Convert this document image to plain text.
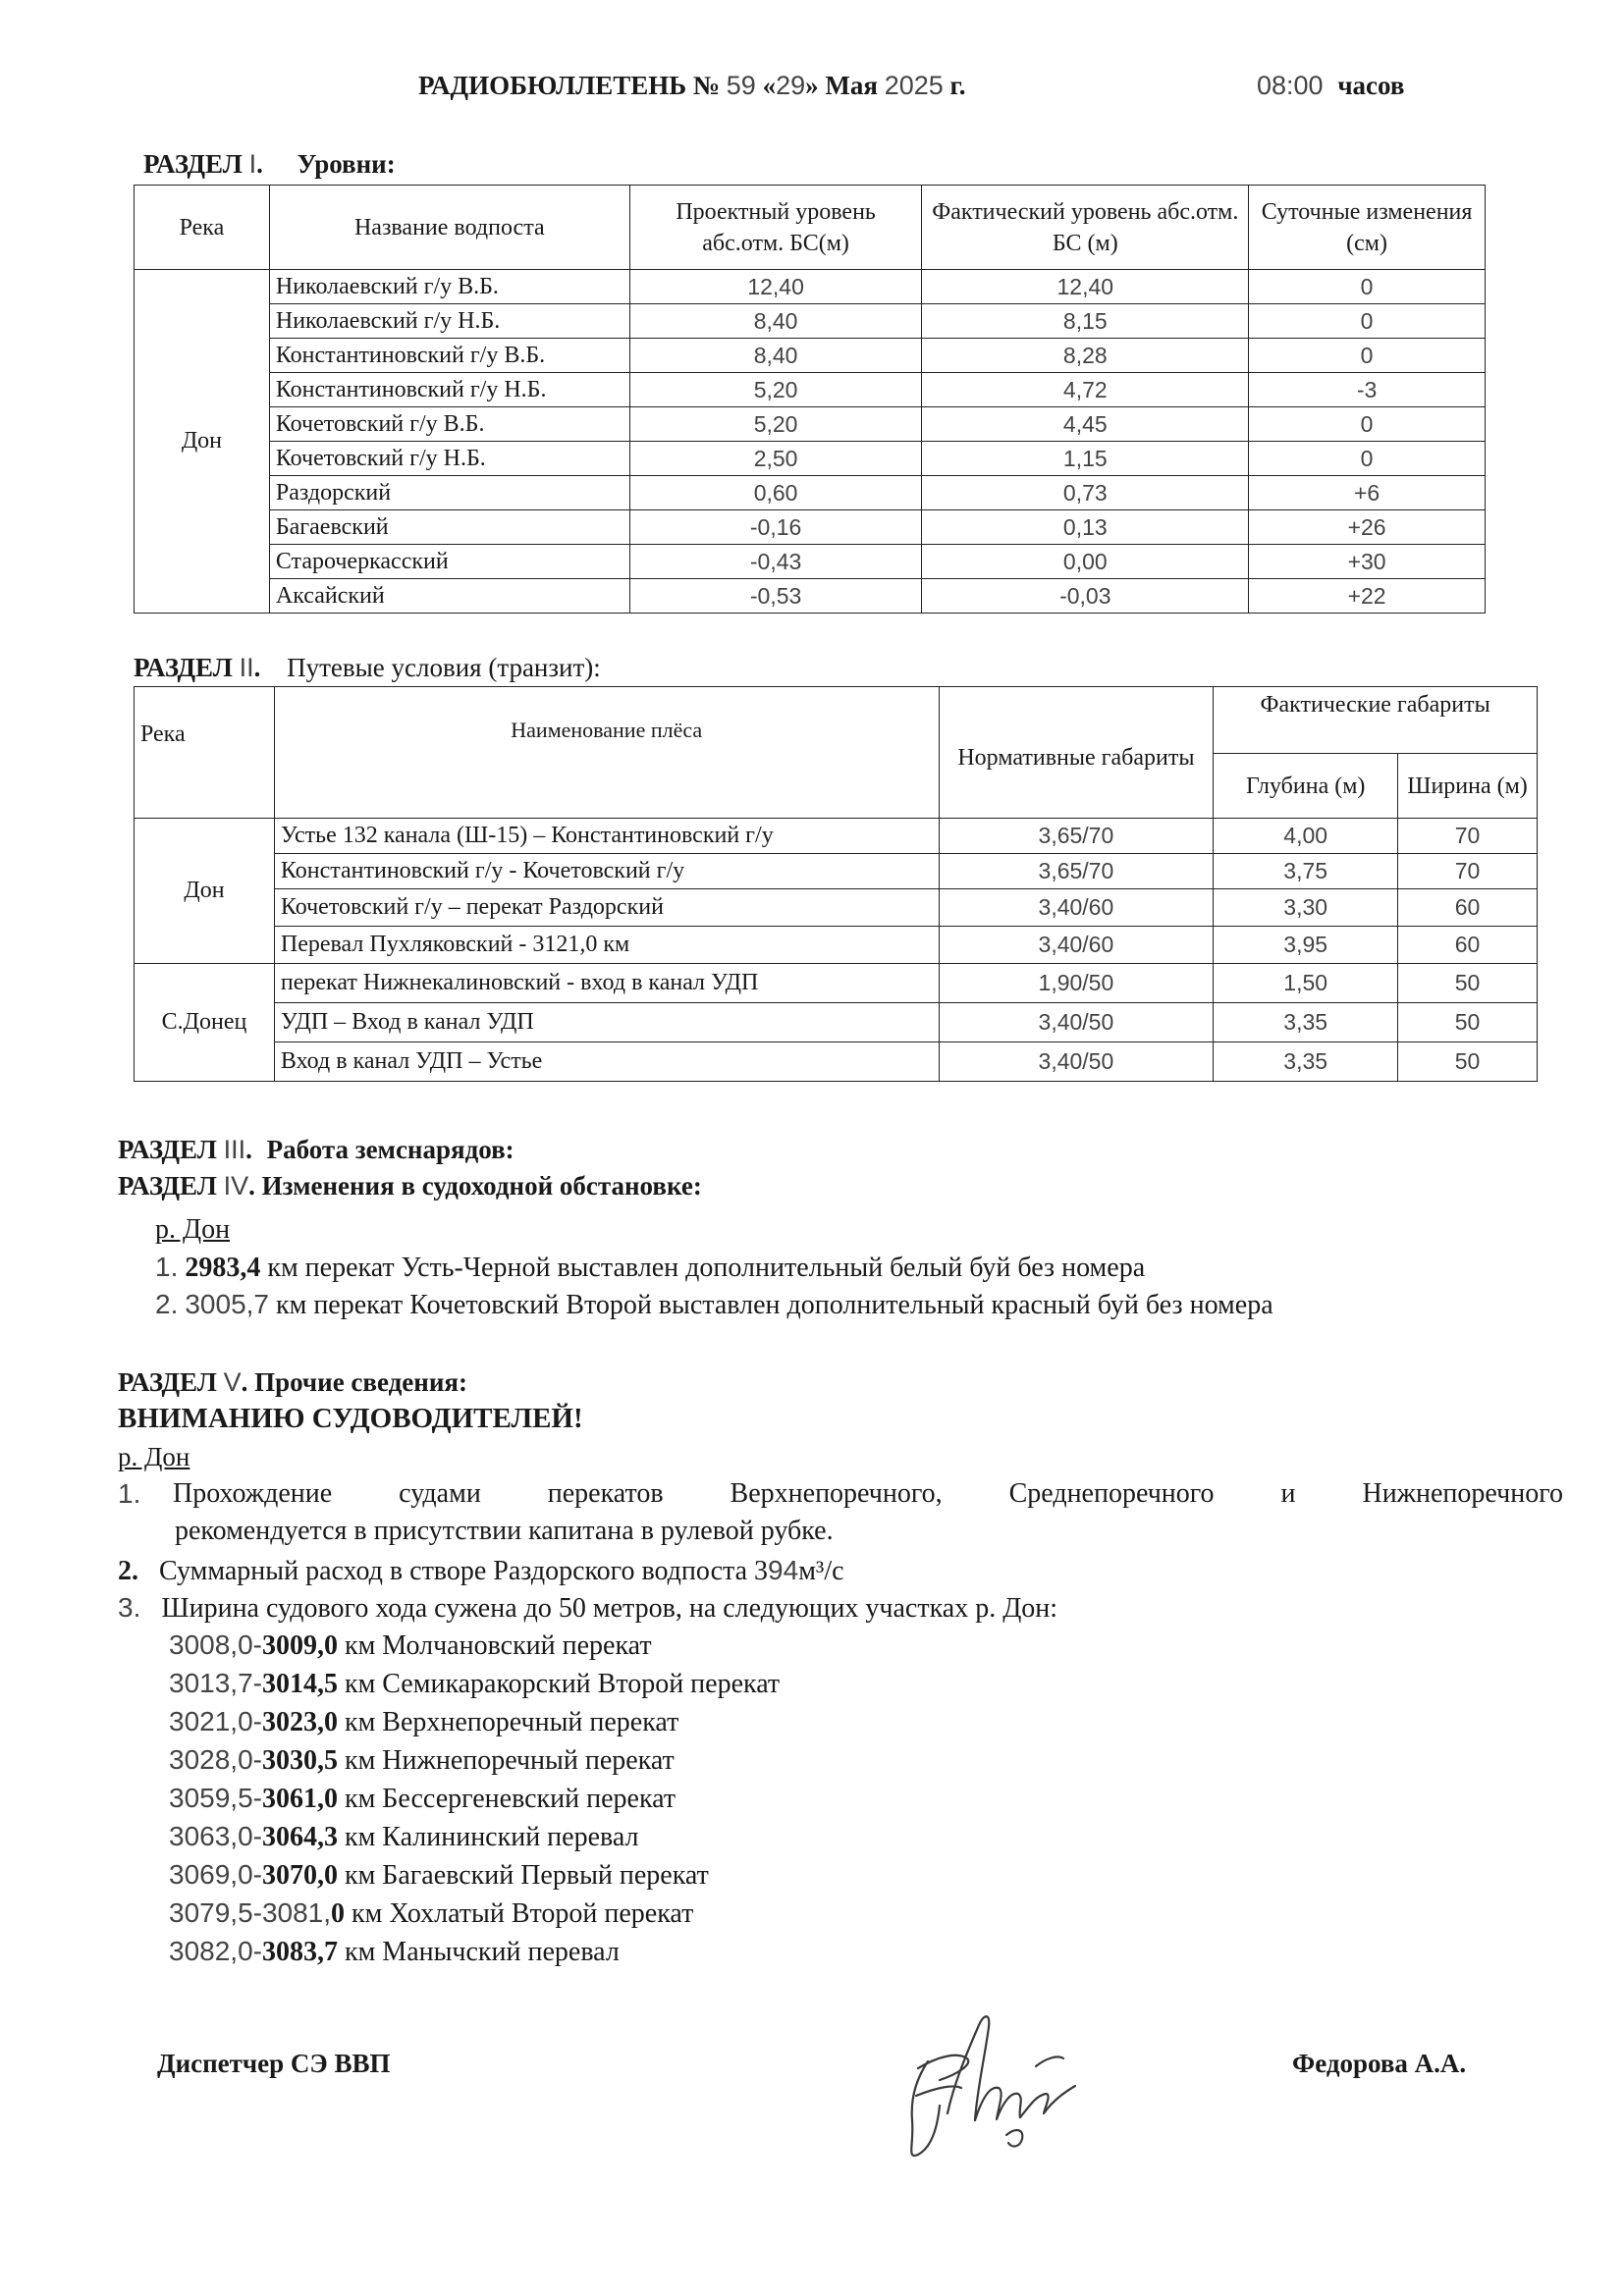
РАДИОБЮЛЛЕТЕНЬ № 59 «29» Мая 2025 г.	08:00 часов
РАЗДЕЛ I. Уровни:
Река	Название водпоста	Проектный уровень абс.отм. БС(м)	Фактический уровень абс.отм. БС (м)	Суточные изменения (см)
Дон	Николаевский г/у В.Б.	12,40	12,40	0
	Николаевский г/у Н.Б.	8,40	8,15	0
	Константиновский г/у В.Б.	8,40	8,28	0
	Константиновский г/у Н.Б.	5,20	4,72	-3
	Кочетовский г/у В.Б.	5,20	4,45	0
	Кочетовский г/у Н.Б.	2,50	1,15	0
	Раздорский	0,60	0,73	+6
	Багаевский	-0,16	0,13	+26
	Старочеркасский	-0,43	0,00	+30
	Аксайский	-0,53	-0,03	+22
РАЗДЕЛ II. Путевые условия (транзит):
Река	Наименование плёса	Нормативные габариты	Фактические габариты	
			Глубина (м)	Ширина (м)
Дон	Устье 132 канала (Ш-15) – Константиновский г/у	3,65/70	4,00	70
	Константиновский г/у - Кочетовский г/у	3,65/70	3,75	70
	Кочетовский г/у – перекат Раздорский	3,40/60	3,30	60
	Перевал Пухляковский - 3121,0 км	3,40/60	3,95	60
С.Донец	перекат Нижнекалиновский - вход в канал УДП	1,90/50	1,50	50
	УДП – Вход в канал УДП	3,40/50	3,35	50
	Вход в канал УДП – Устье	3,40/50	3,35	50
РАЗДЕЛ III. Работа земснарядов:
РАЗДЕЛ IV. Изменения в судоходной обстановке:
р. Дон
1. 2983,4 км перекат Усть-Черной выставлен дополнительный белый буй без номера
2. 3005,7 км перекат Кочетовский Второй выставлен дополнительный красный буй без номера
РАЗДЕЛ V. Прочие сведения:
ВНИМАНИЮ СУДОВОДИТЕЛЕЙ!
р. Дон
1. Прохождение судами перекатов Верхнепоречного, Среднепоречного и Нижнепоречного
рекомендуется в присутствии капитана в рулевой рубке.
2. Суммарный расход в створе Раздорского водпоста 394м³/с
3. Ширина судового хода сужена до 50 метров, на следующих участках р. Дон:
3008,0-3009,0 км Молчановский перекат
3013,7-3014,5 км Семикаракорский Второй перекат
3021,0-3023,0 км Верхнепоречный перекат
3028,0-3030,5 км Нижнепоречный перекат
3059,5-3061,0 км Бессергеневский перекат
3063,0-3064,3 км Калининский перевал
3069,0-3070,0 км Багаевский Первый перекат
3079,5-3081,0 км Хохлатый Второй перекат
3082,0-3083,7 км Манычский перевал
Диспетчер СЭ ВВП	Федорова А.А.
